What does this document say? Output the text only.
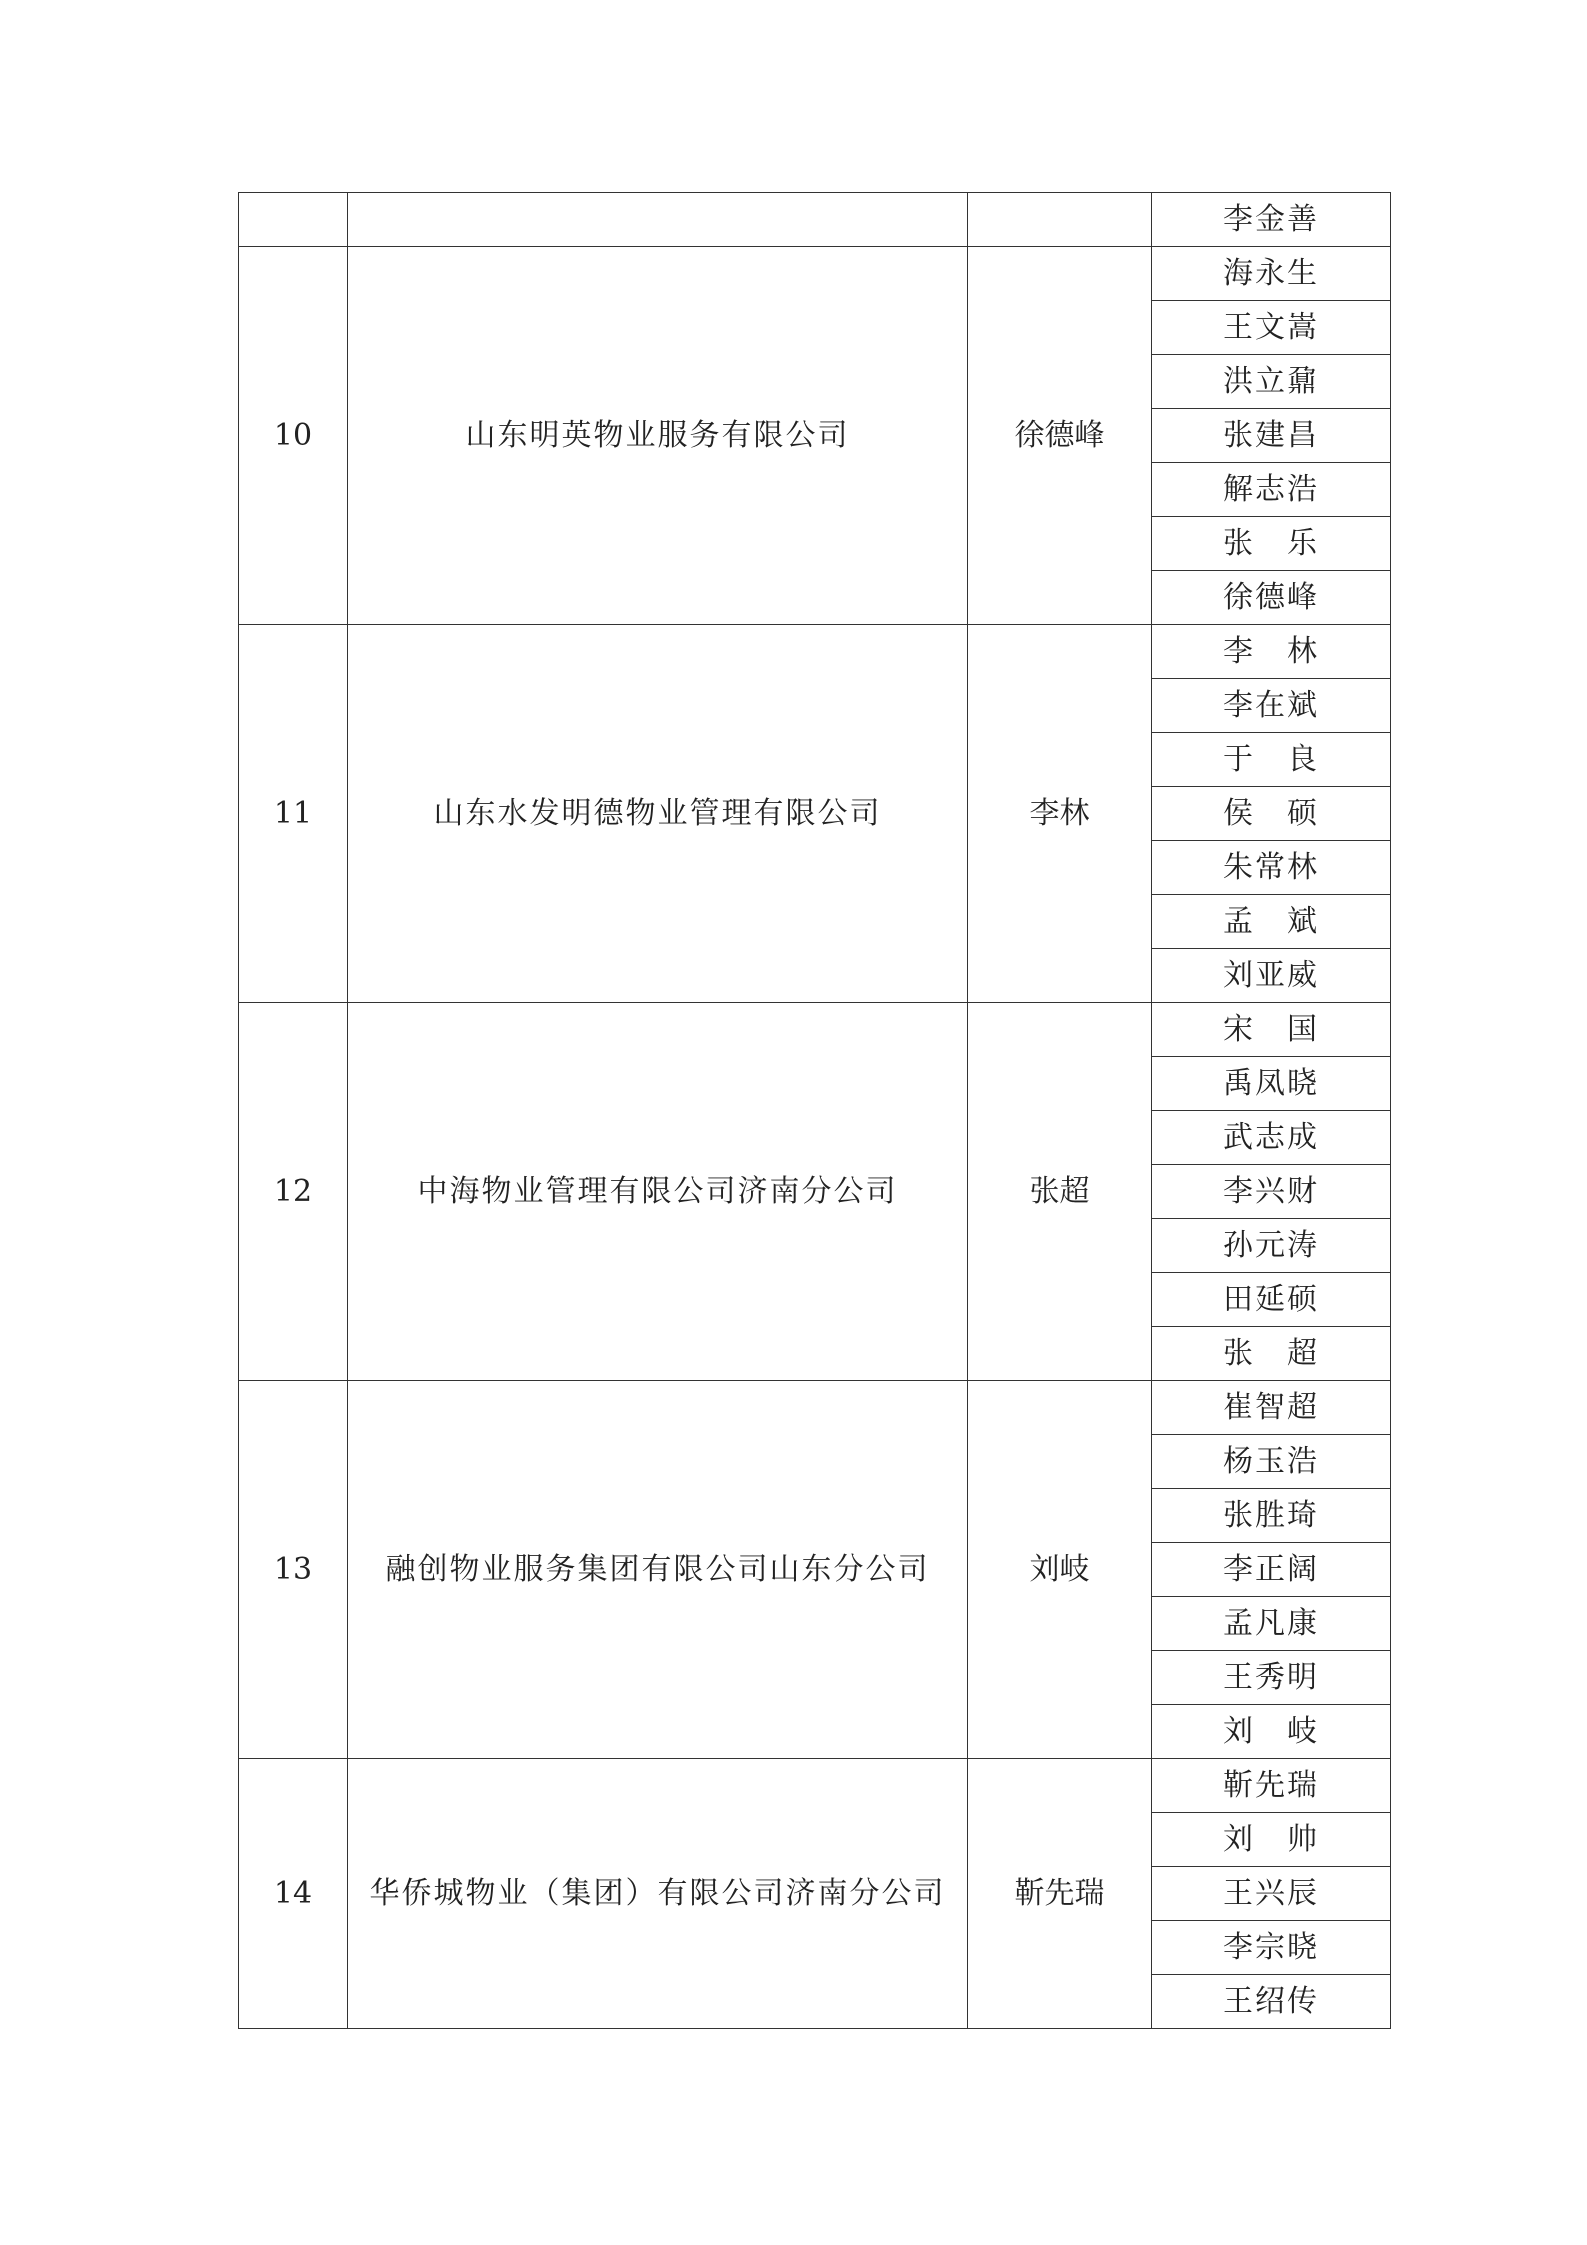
			李金善
10	山东明英物业服务有限公司	徐德峰	海永生
			王文嵩
			洪立鼐
			张建昌
			解志浩
			张　乐
			徐德峰
11	山东水发明德物业管理有限公司	李林	李　林
			李在斌
			于　良
			侯　硕
			朱常林
			孟　斌
			刘亚威
12	中海物业管理有限公司济南分公司	张超	宋　国
			禹凤晓
			武志成
			李兴财
			孙元涛
			田延硕
			张　超
13	融创物业服务集团有限公司山东分公司	刘岐	崔智超
			杨玉浩
			张胜琦
			李正阔
			孟凡康
			王秀明
			刘　岐
14	华侨城物业（集团）有限公司济南分公司	靳先瑞	靳先瑞
			刘　帅
			王兴辰
			李宗晓
			王绍传
